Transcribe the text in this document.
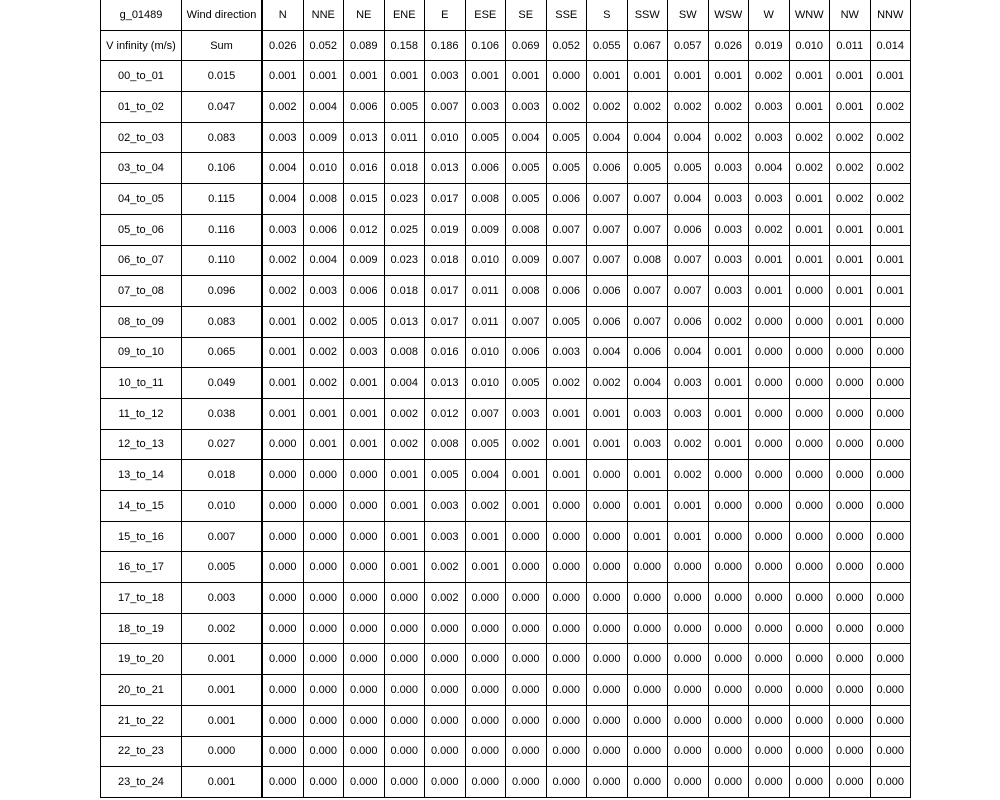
g_01489	Wind direction	N	NNE	NE	ENE	E	ESE	SE	SSE	S	SSW	SW	WSW	W	WNW	NW	NNW
V infinity (m/s)	Sum	0.026	0.052	0.089	0.158	0.186	0.106	0.069	0.052	0.055	0.067	0.057	0.026	0.019	0.010	0.011	0.014
00_to_01	0.015	0.001	0.001	0.001	0.001	0.003	0.001	0.001	0.000	0.001	0.001	0.001	0.001	0.002	0.001	0.001	0.001
01_to_02	0.047	0.002	0.004	0.006	0.005	0.007	0.003	0.003	0.002	0.002	0.002	0.002	0.002	0.003	0.001	0.001	0.002
02_to_03	0.083	0.003	0.009	0.013	0.011	0.010	0.005	0.004	0.005	0.004	0.004	0.004	0.002	0.003	0.002	0.002	0.002
03_to_04	0.106	0.004	0.010	0.016	0.018	0.013	0.006	0.005	0.005	0.006	0.005	0.005	0.003	0.004	0.002	0.002	0.002
04_to_05	0.115	0.004	0.008	0.015	0.023	0.017	0.008	0.005	0.006	0.007	0.007	0.004	0.003	0.003	0.001	0.002	0.002
05_to_06	0.116	0.003	0.006	0.012	0.025	0.019	0.009	0.008	0.007	0.007	0.007	0.006	0.003	0.002	0.001	0.001	0.001
06_to_07	0.110	0.002	0.004	0.009	0.023	0.018	0.010	0.009	0.007	0.007	0.008	0.007	0.003	0.001	0.001	0.001	0.001
07_to_08	0.096	0.002	0.003	0.006	0.018	0.017	0.011	0.008	0.006	0.006	0.007	0.007	0.003	0.001	0.000	0.001	0.001
08_to_09	0.083	0.001	0.002	0.005	0.013	0.017	0.011	0.007	0.005	0.006	0.007	0.006	0.002	0.000	0.000	0.001	0.000
09_to_10	0.065	0.001	0.002	0.003	0.008	0.016	0.010	0.006	0.003	0.004	0.006	0.004	0.001	0.000	0.000	0.000	0.000
10_to_11	0.049	0.001	0.002	0.001	0.004	0.013	0.010	0.005	0.002	0.002	0.004	0.003	0.001	0.000	0.000	0.000	0.000
11_to_12	0.038	0.001	0.001	0.001	0.002	0.012	0.007	0.003	0.001	0.001	0.003	0.003	0.001	0.000	0.000	0.000	0.000
12_to_13	0.027	0.000	0.001	0.001	0.002	0.008	0.005	0.002	0.001	0.001	0.003	0.002	0.001	0.000	0.000	0.000	0.000
13_to_14	0.018	0.000	0.000	0.000	0.001	0.005	0.004	0.001	0.001	0.000	0.001	0.002	0.000	0.000	0.000	0.000	0.000
14_to_15	0.010	0.000	0.000	0.000	0.001	0.003	0.002	0.001	0.000	0.000	0.001	0.001	0.000	0.000	0.000	0.000	0.000
15_to_16	0.007	0.000	0.000	0.000	0.001	0.003	0.001	0.000	0.000	0.000	0.001	0.001	0.000	0.000	0.000	0.000	0.000
16_to_17	0.005	0.000	0.000	0.000	0.001	0.002	0.001	0.000	0.000	0.000	0.000	0.000	0.000	0.000	0.000	0.000	0.000
17_to_18	0.003	0.000	0.000	0.000	0.000	0.002	0.000	0.000	0.000	0.000	0.000	0.000	0.000	0.000	0.000	0.000	0.000
18_to_19	0.002	0.000	0.000	0.000	0.000	0.000	0.000	0.000	0.000	0.000	0.000	0.000	0.000	0.000	0.000	0.000	0.000
19_to_20	0.001	0.000	0.000	0.000	0.000	0.000	0.000	0.000	0.000	0.000	0.000	0.000	0.000	0.000	0.000	0.000	0.000
20_to_21	0.001	0.000	0.000	0.000	0.000	0.000	0.000	0.000	0.000	0.000	0.000	0.000	0.000	0.000	0.000	0.000	0.000
21_to_22	0.001	0.000	0.000	0.000	0.000	0.000	0.000	0.000	0.000	0.000	0.000	0.000	0.000	0.000	0.000	0.000	0.000
22_to_23	0.000	0.000	0.000	0.000	0.000	0.000	0.000	0.000	0.000	0.000	0.000	0.000	0.000	0.000	0.000	0.000	0.000
23_to_24	0.001	0.000	0.000	0.000	0.000	0.000	0.000	0.000	0.000	0.000	0.000	0.000	0.000	0.000	0.000	0.000	0.000
